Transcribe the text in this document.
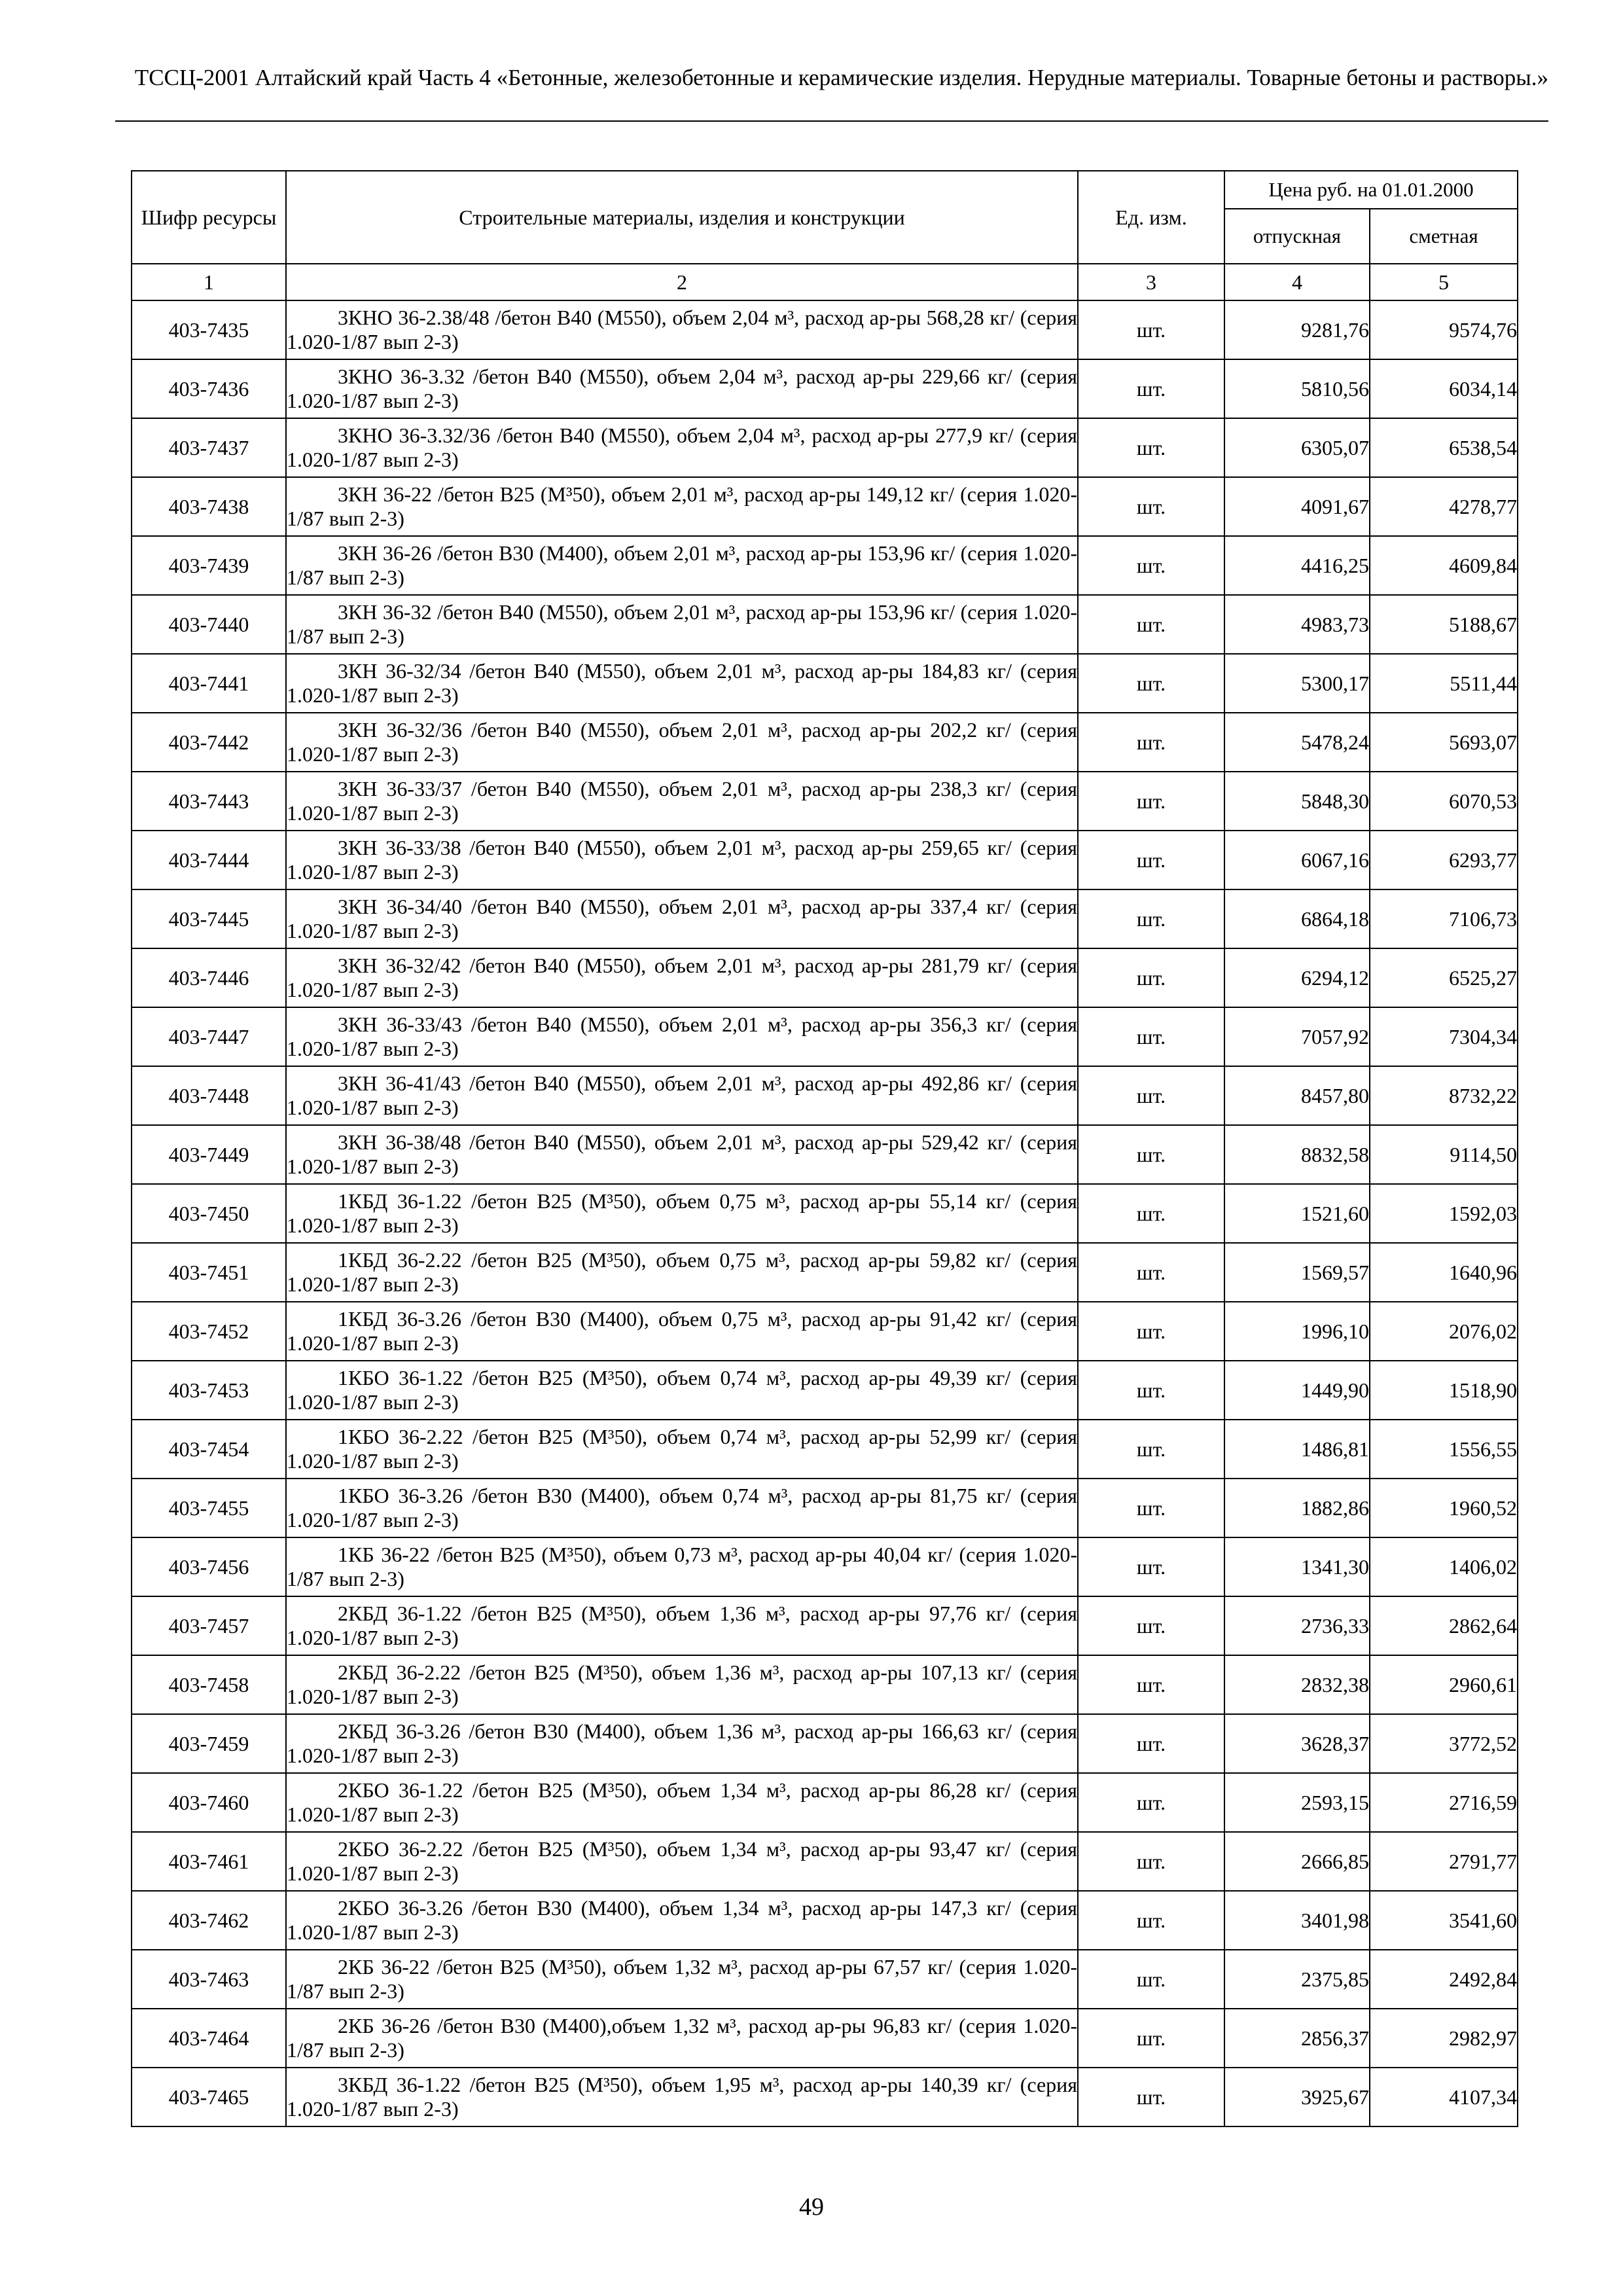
ТССЦ-2001 Алтайский край Часть 4 «Бетонные, железобетонные и керамические изделия. Нерудные материалы. Товарные бетоны и растворы.»
Шифр ресурсы	Строительные материалы, изделия и конструкции	Ед. изм.	Цена руб. на 01.01.2000	
			отпускная	сметная
1	2	3	4	5
403-7435	3КНО 36-2.38/48 /бетон В40 (М550), объем 2,04 м³, расход ар-ры 568,28 кг/ (серия 1.020-1/87 вып 2-3)	шт.	9281,76	9574,76
403-7436	3КНО 36-3.32 /бетон В40 (М550), объем 2,04 м³, расход ар-ры 229,66 кг/ (серия 1.020-1/87 вып 2-3)	шт.	5810,56	6034,14
403-7437	3КНО 36-3.32/36 /бетон В40 (М550), объем 2,04 м³, расход ар-ры 277,9 кг/ (серия 1.020-1/87 вып 2-3)	шт.	6305,07	6538,54
403-7438	3КН 36-22 /бетон В25 (М³50), объем 2,01 м³, расход ар-ры 149,12 кг/ (серия 1.020-1/87 вып 2-3)	шт.	4091,67	4278,77
403-7439	3КН 36-26 /бетон В30 (М400), объем 2,01 м³, расход ар-ры 153,96 кг/ (серия 1.020-1/87 вып 2-3)	шт.	4416,25	4609,84
403-7440	3КН 36-32 /бетон В40 (М550), объем 2,01 м³, расход ар-ры 153,96 кг/ (серия 1.020-1/87 вып 2-3)	шт.	4983,73	5188,67
403-7441	3КН 36-32/34 /бетон В40 (М550), объем 2,01 м³, расход ар-ры 184,83 кг/ (серия 1.020-1/87 вып 2-3)	шт.	5300,17	5511,44
403-7442	3КН 36-32/36 /бетон В40 (М550), объем 2,01 м³, расход ар-ры 202,2 кг/ (серия 1.020-1/87 вып 2-3)	шт.	5478,24	5693,07
403-7443	3КН 36-33/37 /бетон В40 (М550), объем 2,01 м³, расход ар-ры 238,3 кг/ (серия 1.020-1/87 вып 2-3)	шт.	5848,30	6070,53
403-7444	3КН 36-33/38 /бетон В40 (М550), объем 2,01 м³, расход ар-ры 259,65 кг/ (серия 1.020-1/87 вып 2-3)	шт.	6067,16	6293,77
403-7445	3КН 36-34/40 /бетон В40 (М550), объем 2,01 м³, расход ар-ры 337,4 кг/ (серия 1.020-1/87 вып 2-3)	шт.	6864,18	7106,73
403-7446	3КН 36-32/42 /бетон В40 (М550), объем 2,01 м³, расход ар-ры 281,79 кг/ (серия 1.020-1/87 вып 2-3)	шт.	6294,12	6525,27
403-7447	3КН 36-33/43 /бетон В40 (М550), объем 2,01 м³, расход ар-ры 356,3 кг/ (серия 1.020-1/87 вып 2-3)	шт.	7057,92	7304,34
403-7448	3КН 36-41/43 /бетон В40 (М550), объем 2,01 м³, расход ар-ры 492,86 кг/ (серия 1.020-1/87 вып 2-3)	шт.	8457,80	8732,22
403-7449	3КН 36-38/48 /бетон В40 (М550), объем 2,01 м³, расход ар-ры 529,42 кг/ (серия 1.020-1/87 вып 2-3)	шт.	8832,58	9114,50
403-7450	1КБД 36-1.22 /бетон В25 (М³50), объем 0,75 м³, расход ар-ры 55,14 кг/ (серия 1.020-1/87 вып 2-3)	шт.	1521,60	1592,03
403-7451	1КБД 36-2.22 /бетон В25 (М³50), объем 0,75 м³, расход ар-ры 59,82 кг/ (серия 1.020-1/87 вып 2-3)	шт.	1569,57	1640,96
403-7452	1КБД 36-3.26 /бетон В30 (М400), объем 0,75 м³, расход ар-ры 91,42 кг/ (серия 1.020-1/87 вып 2-3)	шт.	1996,10	2076,02
403-7453	1КБО 36-1.22 /бетон В25 (М³50), объем 0,74 м³, расход ар-ры 49,39 кг/ (серия 1.020-1/87 вып 2-3)	шт.	1449,90	1518,90
403-7454	1КБО 36-2.22 /бетон В25 (М³50), объем 0,74 м³, расход ар-ры 52,99 кг/ (серия 1.020-1/87 вып 2-3)	шт.	1486,81	1556,55
403-7455	1КБО 36-3.26 /бетон В30 (М400), объем 0,74 м³, расход ар-ры 81,75 кг/ (серия 1.020-1/87 вып 2-3)	шт.	1882,86	1960,52
403-7456	1КБ 36-22 /бетон В25 (М³50), объем 0,73 м³, расход ар-ры 40,04 кг/ (серия 1.020-1/87 вып 2-3)	шт.	1341,30	1406,02
403-7457	2КБД 36-1.22 /бетон В25 (М³50), объем 1,36 м³, расход ар-ры 97,76 кг/ (серия 1.020-1/87 вып 2-3)	шт.	2736,33	2862,64
403-7458	2КБД 36-2.22 /бетон В25 (М³50), объем 1,36 м³, расход ар-ры 107,13 кг/ (серия 1.020-1/87 вып 2-3)	шт.	2832,38	2960,61
403-7459	2КБД 36-3.26 /бетон В30 (М400), объем 1,36 м³, расход ар-ры 166,63 кг/ (серия 1.020-1/87 вып 2-3)	шт.	3628,37	3772,52
403-7460	2КБО 36-1.22 /бетон В25 (М³50), объем 1,34 м³, расход ар-ры 86,28 кг/ (серия 1.020-1/87 вып 2-3)	шт.	2593,15	2716,59
403-7461	2КБО 36-2.22 /бетон В25 (М³50), объем 1,34 м³, расход ар-ры 93,47 кг/ (серия 1.020-1/87 вып 2-3)	шт.	2666,85	2791,77
403-7462	2КБО 36-3.26 /бетон В30 (М400), объем 1,34 м³, расход ар-ры 147,3 кг/ (серия 1.020-1/87 вып 2-3)	шт.	3401,98	3541,60
403-7463	2КБ 36-22 /бетон В25 (М³50), объем 1,32 м³, расход ар-ры 67,57 кг/ (серия 1.020-1/87 вып 2-3)	шт.	2375,85	2492,84
403-7464	2КБ 36-26 /бетон В30 (М400),объем 1,32 м³, расход ар-ры 96,83 кг/ (серия 1.020-1/87 вып 2-3)	шт.	2856,37	2982,97
403-7465	3КБД 36-1.22 /бетон В25 (М³50), объем 1,95 м³, расход ар-ры 140,39 кг/ (серия 1.020-1/87 вып 2-3)	шт.	3925,67	4107,34
49
